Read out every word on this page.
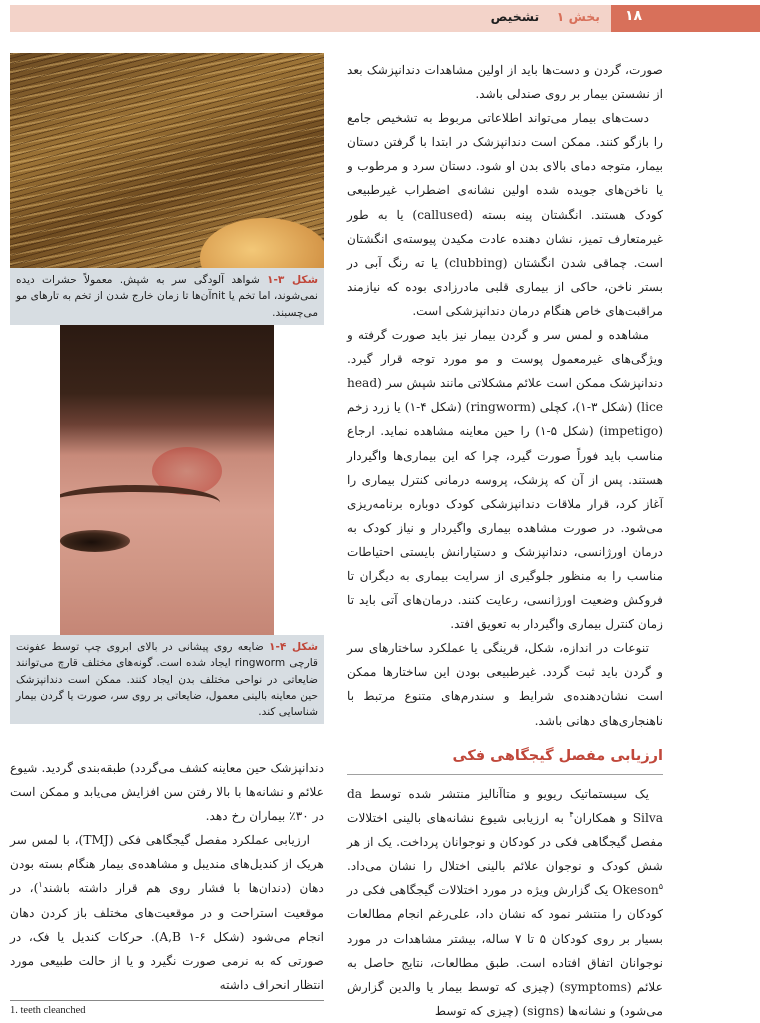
۱۸
بخش ۱    تشخیص

صورت، گردن و دست‌ها باید از اولین مشاهدات دندانپزشک بعد از نشستن بیمار بر روی صندلی باشد.

دست‌های بیمار می‌تواند اطلاعاتی مربوط به تشخیص جامع را بازگو کنند. ممکن است دندانپزشک در ابتدا با گرفتن دستان بیمار، متوجه دمای بالای بدن او شود. دستان سرد و مرطوب و یا ناخن‌های جویده شده اولین نشانه‌ی اضطراب غیرطبیعی کودک هستند. انگشتان پینه بسته (callused) یا به طور غیرمتعارف تمیز، نشان دهنده عادت مکیدن پیوسته‌ی انگشتان است. چماقی شدن انگشتان (clubbing) یا ته رنگ آبی در بستر ناخن، حاکی از بیماری قلبی مادرزادی بوده که نیازمند مراقبت‌های خاص هنگام درمان دندانپزشکی است.

مشاهده و لمس سر و گردن بیمار نیز باید صورت گرفته و ویژگی‌های غیرمعمول پوست و مو مورد توجه قرار گیرد. دندانپزشک ممکن است علائم مشکلاتی مانند شپش سر (head lice) (شکل ۳-۱)، کچلی (ringworm) (شکل ۴-۱) یا زرد زخم (impetigo) (شکل ۵-۱) را حین معاینه مشاهده نماید. ارجاع مناسب باید فوراً صورت گیرد، چرا که این بیماری‌ها واگیردار هستند. پس از آن که پزشک، پروسه درمانی کنترل بیماری را آغاز کرد، قرار ملاقات دندانپزشکی کودک دوباره برنامه‌ریزی می‌شود. در صورت مشاهده بیماری واگیردار و نیاز کودک به درمان اورژانسی، دندانپزشک و دستیارانش بایستی احتیاطات مناسب را به منظور جلوگیری از سرایت بیماری به دیگران تا فروکش وضعیت اورژانسی، رعایت کنند. درمان‌های آتی باید تا زمان کنترل بیماری واگیردار به تعویق افتد.

تنوعات در اندازه، شکل، قرینگی یا عملکرد ساختارهای سر و گردن باید ثبت گردد. غیرطبیعی بودن این ساختارها ممکن است نشان‌دهنده‌ی شرایط و سندرم‌های متنوع مرتبط با ناهنجاری‌های دهانی باشد.

ارزیابی مفصل گیجگاهی فکی

یک سیستماتیک ریویو و متاآنالیز منتشر شده توسط da Silva و همکاران$^۴$ به ارزیابی شیوع نشانه‌های بالینی اختلالات مفصل گیجگاهی فکی در کودکان و نوجوانان پرداخت. یک از هر شش کودک و نوجوان علائم بالینی اختلال را نشان می‌داد. Okeson$^۵$ یک گزارش ویژه در مورد اختلالات گیجگاهی فکی در کودکان را منتشر نمود که نشان داد، علی‌رغم انجام مطالعات بسیار بر روی کودکان ۵ تا ۷ ساله، بیشتر مشاهدات در مورد نوجوانان اتفاق افتاده است. طبق مطالعات، نتایج حاصل به علائم (symptoms) (چیزی که توسط بیمار یا والدین گزارش می‌شود) و نشانه‌ها (signs) (چیزی که توسط

شکل ۳-۱ شواهد آلودگی سر به شپش. معمولاً حشرات دیده نمی‌شوند، اما تخم یا nitآن‌ها تا زمان خارج شدن از تخم به تارهای مو می‌چسبند.
شکل ۴-۱ ضایعه روی پیشانی در بالای ابروی چپ توسط عفونت قارچی ringworm ایجاد شده است. گونه‌های مختلف قارچ می‌توانند ضایعاتی در نواحی مختلف بدن ایجاد کنند. ممکن است دندانپزشک حین معاینه بالینی معمول، ضایعاتی بر روی سر، صورت یا گردن بیمار شناسایی کند.

دندانپزشک حین معاینه کشف می‌گردد) طبقه‌بندی گردید. شیوع علائم و نشانه‌ها با بالا رفتن سن افزایش می‌یابد و ممکن است در ۳۰٪ بیماران رخ دهد.

ارزیابی عملکرد مفصل گیجگاهی فکی (TMJ)، با لمس سر هریک از کندیل‌های مندیبل و مشاهده‌ی بیمار هنگام بسته بودن دهان (دندان‌ها با فشار روی هم قرار داشته باشند$^۱$)، در موقعیت استراحت و در موقعیت‌های مختلف باز کردن دهان انجام می‌شود (شکل ۶-۱ A,B). حرکات کندیل یا فک، در صورتی که به نرمی صورت نگیرد و یا از حالت طبیعی مورد انتظار انحراف داشته

1. teeth cleanched
